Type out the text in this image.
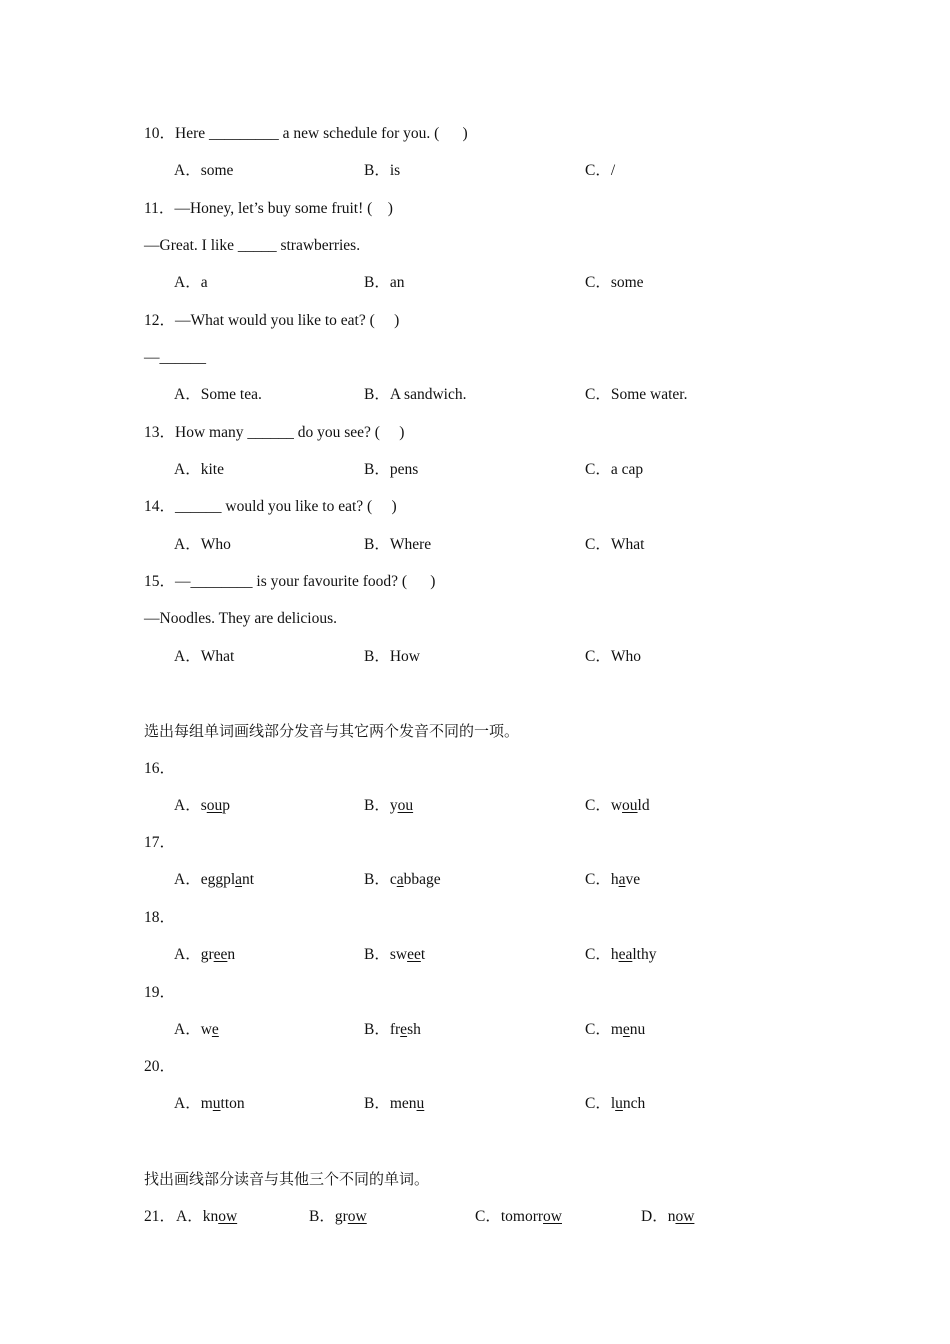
10．Here _________ a new schedule for you. (      )
A．some	B．is	C．/
11．—Honey, let’s buy some fruit! (    )
—Great. I like _____ strawberries.
A．a	B．an	C．some
12．—What would you like to eat? (     )
—______
A．Some tea.	B．A sandwich.	C．Some water.
13．How many ______ do you see? (     )
A．kite	B．pens	C．a cap
14．______ would you like to eat? (     )
A．Who	B．Where	C．What
15．—________ is your favourite food? (      )
—Noodles. They are delicious.
A．What	B．How	C．Who
选出每组单词画线部分发音与其它两个发音不同的一项。
16．
A．soup	B．you	C．would
17．
A．eggplant	B．cabbage	C．have
18．
A．green	B．sweet	C．healthy
19．
A．we	B．fresh	C．menu
20．
A．mutton	B．menu	C．lunch
找出画线部分读音与其他三个不同的单词。
21． A．know	B．grow	C．tomorrow	D．now
